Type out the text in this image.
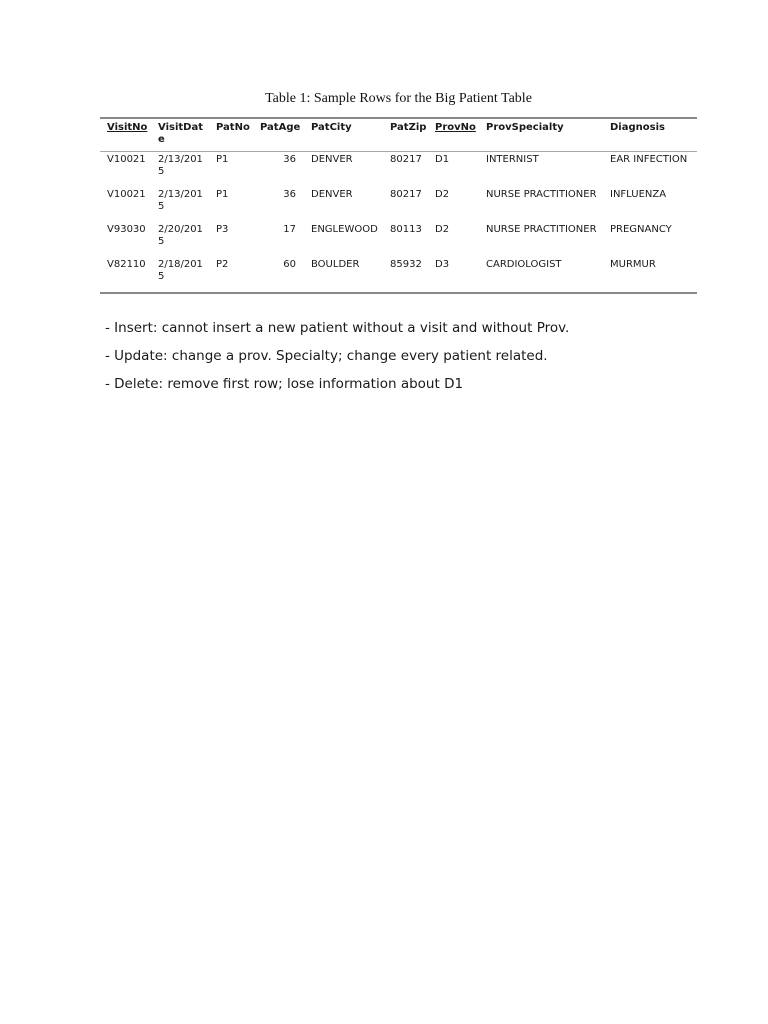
Table 1: Sample Rows for the Big Patient Table
VisitNo	VisitDate	PatNo	PatAge	PatCity	PatZip	ProvNo	ProvSpecialty	Diagnosis
V10021	2/13/2015	P1	36	DENVER	80217	D1	INTERNIST	EAR INFECTION
V10021	2/13/2015	P1	36	DENVER	80217	D2	NURSE PRACTITIONER	INFLUENZA
V93030	2/20/2015	P3	17	ENGLEWOOD	80113	D2	NURSE PRACTITIONER	PREGNANCY
V82110	2/18/2015	P2	60	BOULDER	85932	D3	CARDIOLOGIST	MURMUR
- Insert: cannot insert a new patient without a visit and without Prov.
- Update: change a prov. Specialty; change every patient related.
- Delete: remove first row; lose information about D1
